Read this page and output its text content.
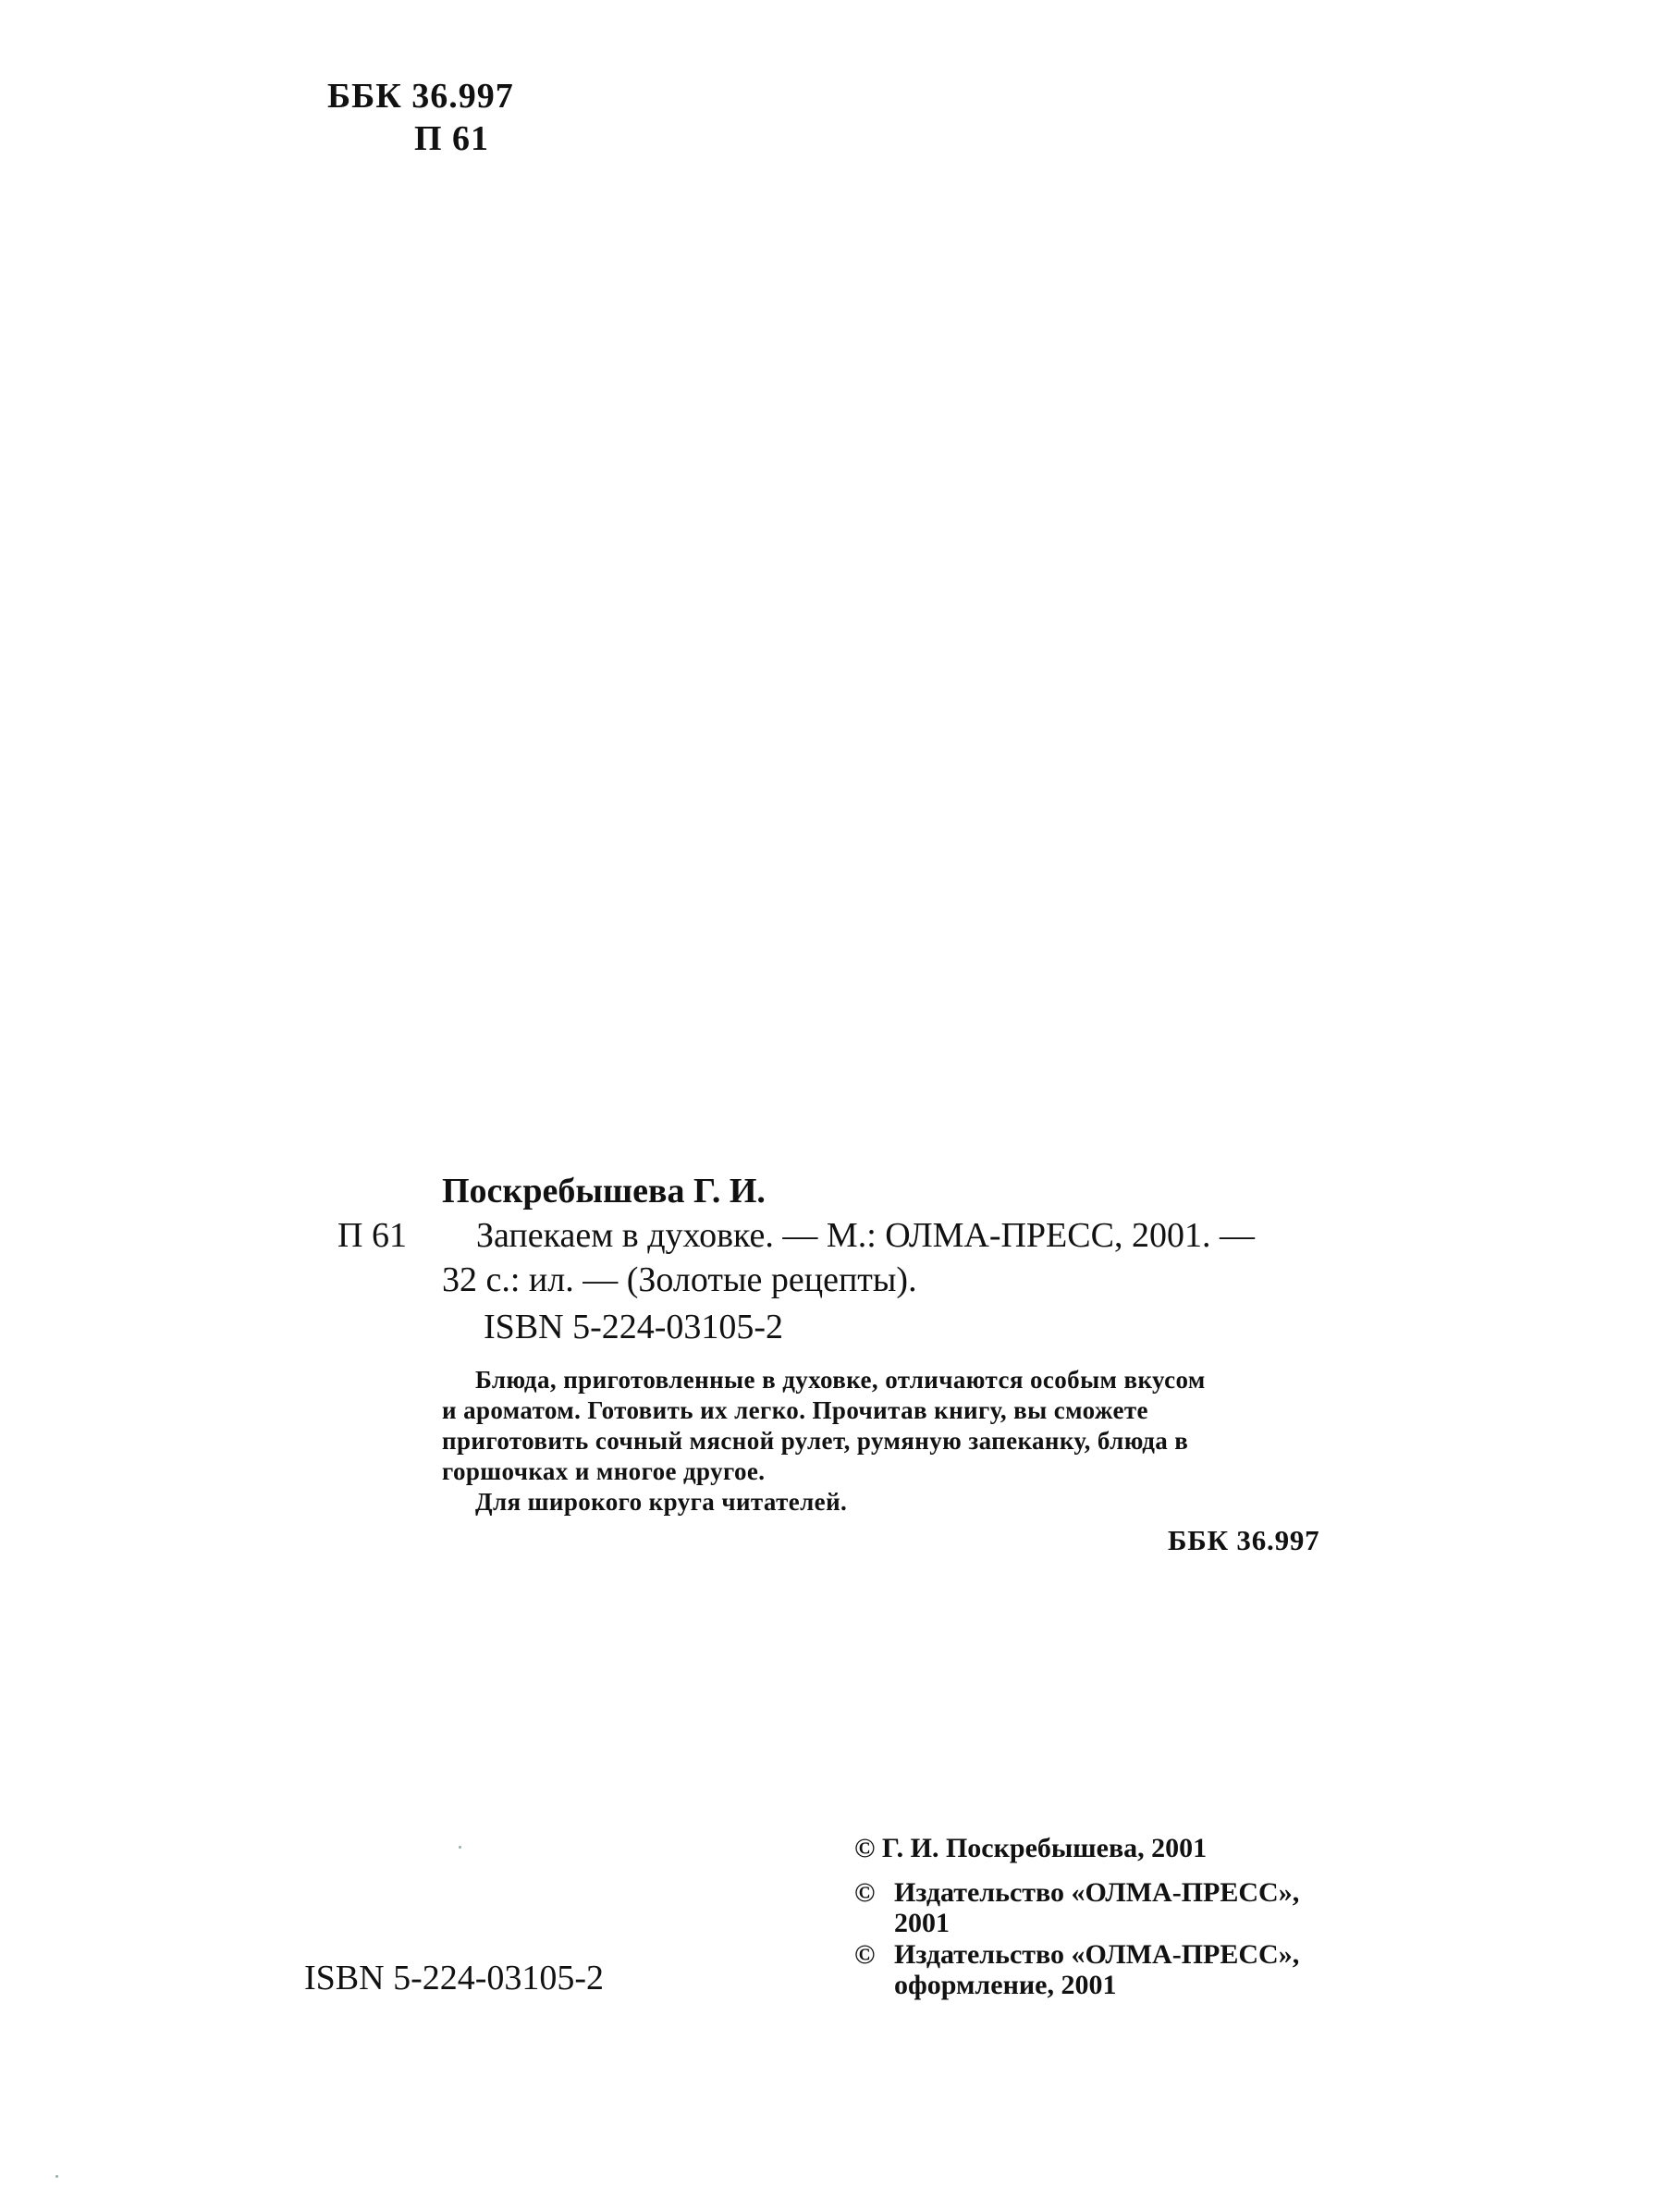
ББК 36.997
П 61
Поскребышева Г. И.
П 61 Запекаем в духовке. — М.: ОЛМА-ПРЕСС, 2001. —
32 с.: ил. — (Золотые рецепты).
ISBN 5-224-03105-2
Блюда, приготовленные в духовке, отличаются особым вкусом
и ароматом. Готовить их легко. Прочитав книгу, вы сможете
приготовить сочный мясной рулет, румяную запеканку, блюда в
горшочках и многое другое.
Для широкого круга читателей.
ББК 36.997
© Г. И. Поскребышева, 2001
© Издательство «ОЛМА-ПРЕСС»,
2001
© Издательство «ОЛМА-ПРЕСС»,
оформление, 2001
ISBN 5-224-03105-2
